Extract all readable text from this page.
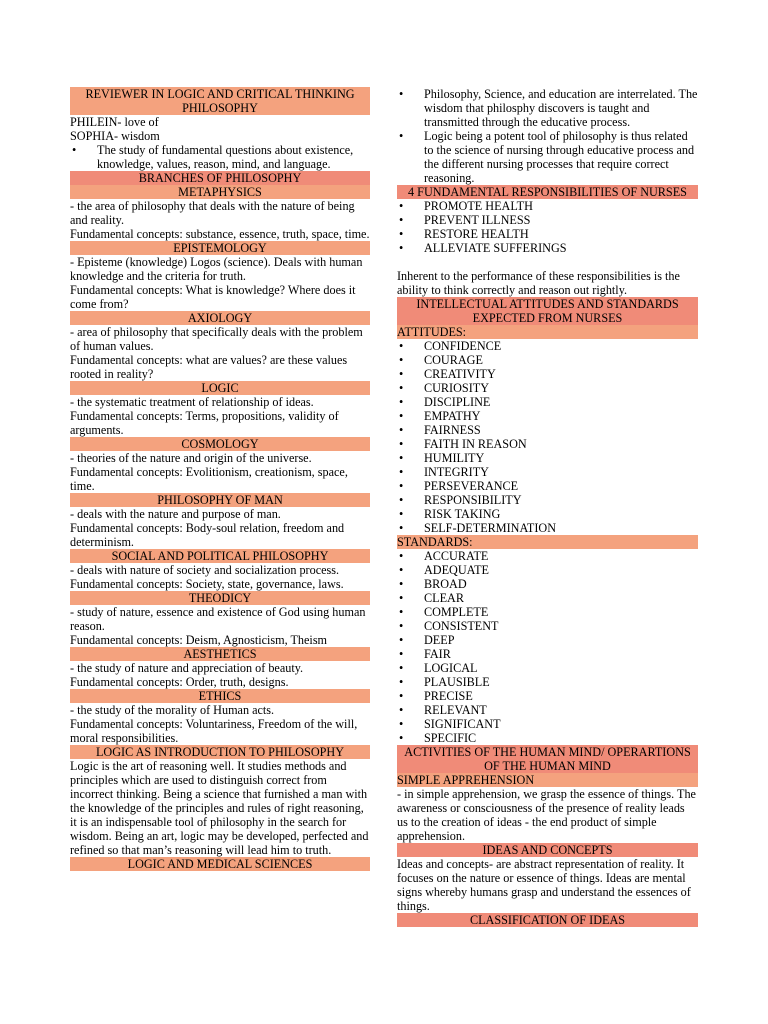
REVIEWER IN LOGIC AND CRITICAL THINKING

PHILOSOPHY

PHILEIN- love of

SOPHIA- wisdom

• The study of fundamental questions about existence, knowledge, values, reason, mind, and language.

BRANCHES OF PHILOSOPHY

METAPHYSICS

- the area of philosophy that deals with the nature of being and reality.

Fundamental concepts: substance, essence, truth, space, time.

EPISTEMOLOGY

- Episteme (knowledge) Logos (science). Deals with human knowledge and the criteria for truth.

Fundamental concepts: What is knowledge? Where does it come from?

AXIOLOGY

- area of philosophy that specifically deals with the problem of human values.

Fundamental concepts: what are values? are these values rooted in reality?

LOGIC

- the systematic treatment of relationship of ideas.

Fundamental concepts: Terms, propositions, validity of arguments.

COSMOLOGY

- theories of the nature and origin of the universe.

Fundamental concepts: Evolitionism, creationism, space, time.

PHILOSOPHY OF MAN

- deals with the nature and purpose of man.

Fundamental concepts: Body-soul relation, freedom and determinism.

SOCIAL AND POLITICAL PHILOSOPHY

- deals with nature of society and socialization process.

Fundamental concepts: Society, state, governance, laws.

THEODICY

- study of nature, essence and existence of God using human reason.

Fundamental concepts: Deism, Agnosticism, Theism

AESTHETICS

- the study of nature and appreciation of beauty.

Fundamental concepts: Order, truth, designs.

ETHICS

- the study of the morality of Human acts.

Fundamental concepts: Voluntariness, Freedom of the will, moral responsibilities.

LOGIC AS INTRODUCTION TO PHILOSOPHY

Logic is the art of reasoning well. It studies methods and principles which are used to distinguish correct from incorrect thinking. Being a science that furnished a man with the knowledge of the principles and rules of right reasoning, it is an indispensable tool of philosophy in the search for wisdom. Being an art, logic may be developed, perfected and refined so that man’s reasoning will lead him to truth.

LOGIC AND MEDICAL SCIENCES

• Philosophy, Science, and education are interrelated. The wisdom that philosphy discovers is taught and transmitted through the educative process.
• Logic being a potent tool of philosophy is thus related to the science of nursing through educative process and the different nursing processes that require correct reasoning.

4 FUNDAMENTAL RESPONSIBILITIES OF NURSES

• PROMOTE HEALTH
• PREVENT ILLNESS
• RESTORE HEALTH
• ALLEVIATE SUFFERINGS

Inherent to the performance of these responsibilities is the ability to think correctly and reason out rightly.

INTELLECTUAL ATTITUDES AND STANDARDS EXPECTED FROM NURSES

ATTITUDES:

• CONFIDENCE
• COURAGE
• CREATIVITY
• CURIOSITY
• DISCIPLINE
• EMPATHY
• FAIRNESS
• FAITH IN REASON
• HUMILITY
• INTEGRITY
• PERSEVERANCE
• RESPONSIBILITY
• RISK TAKING
• SELF-DETERMINATION

STANDARDS:

• ACCURATE
• ADEQUATE
• BROAD
• CLEAR
• COMPLETE
• CONSISTENT
• DEEP
• FAIR
• LOGICAL
• PLAUSIBLE
• PRECISE
• RELEVANT
• SIGNIFICANT
• SPECIFIC

ACTIVITIES OF THE HUMAN MIND/ OPERARTIONS OF THE HUMAN MIND

SIMPLE APPREHENSION

- in simple apprehension, we grasp the essence of things. The awareness or consciousness of the presence of reality leads us to the creation of ideas - the end product of simple apprehension.

IDEAS AND CONCEPTS

Ideas and concepts- are abstract representation of reality. It focuses on the nature or essence of things. Ideas are mental signs whereby humans grasp and understand the essences of things.

CLASSIFICATION OF IDEAS
